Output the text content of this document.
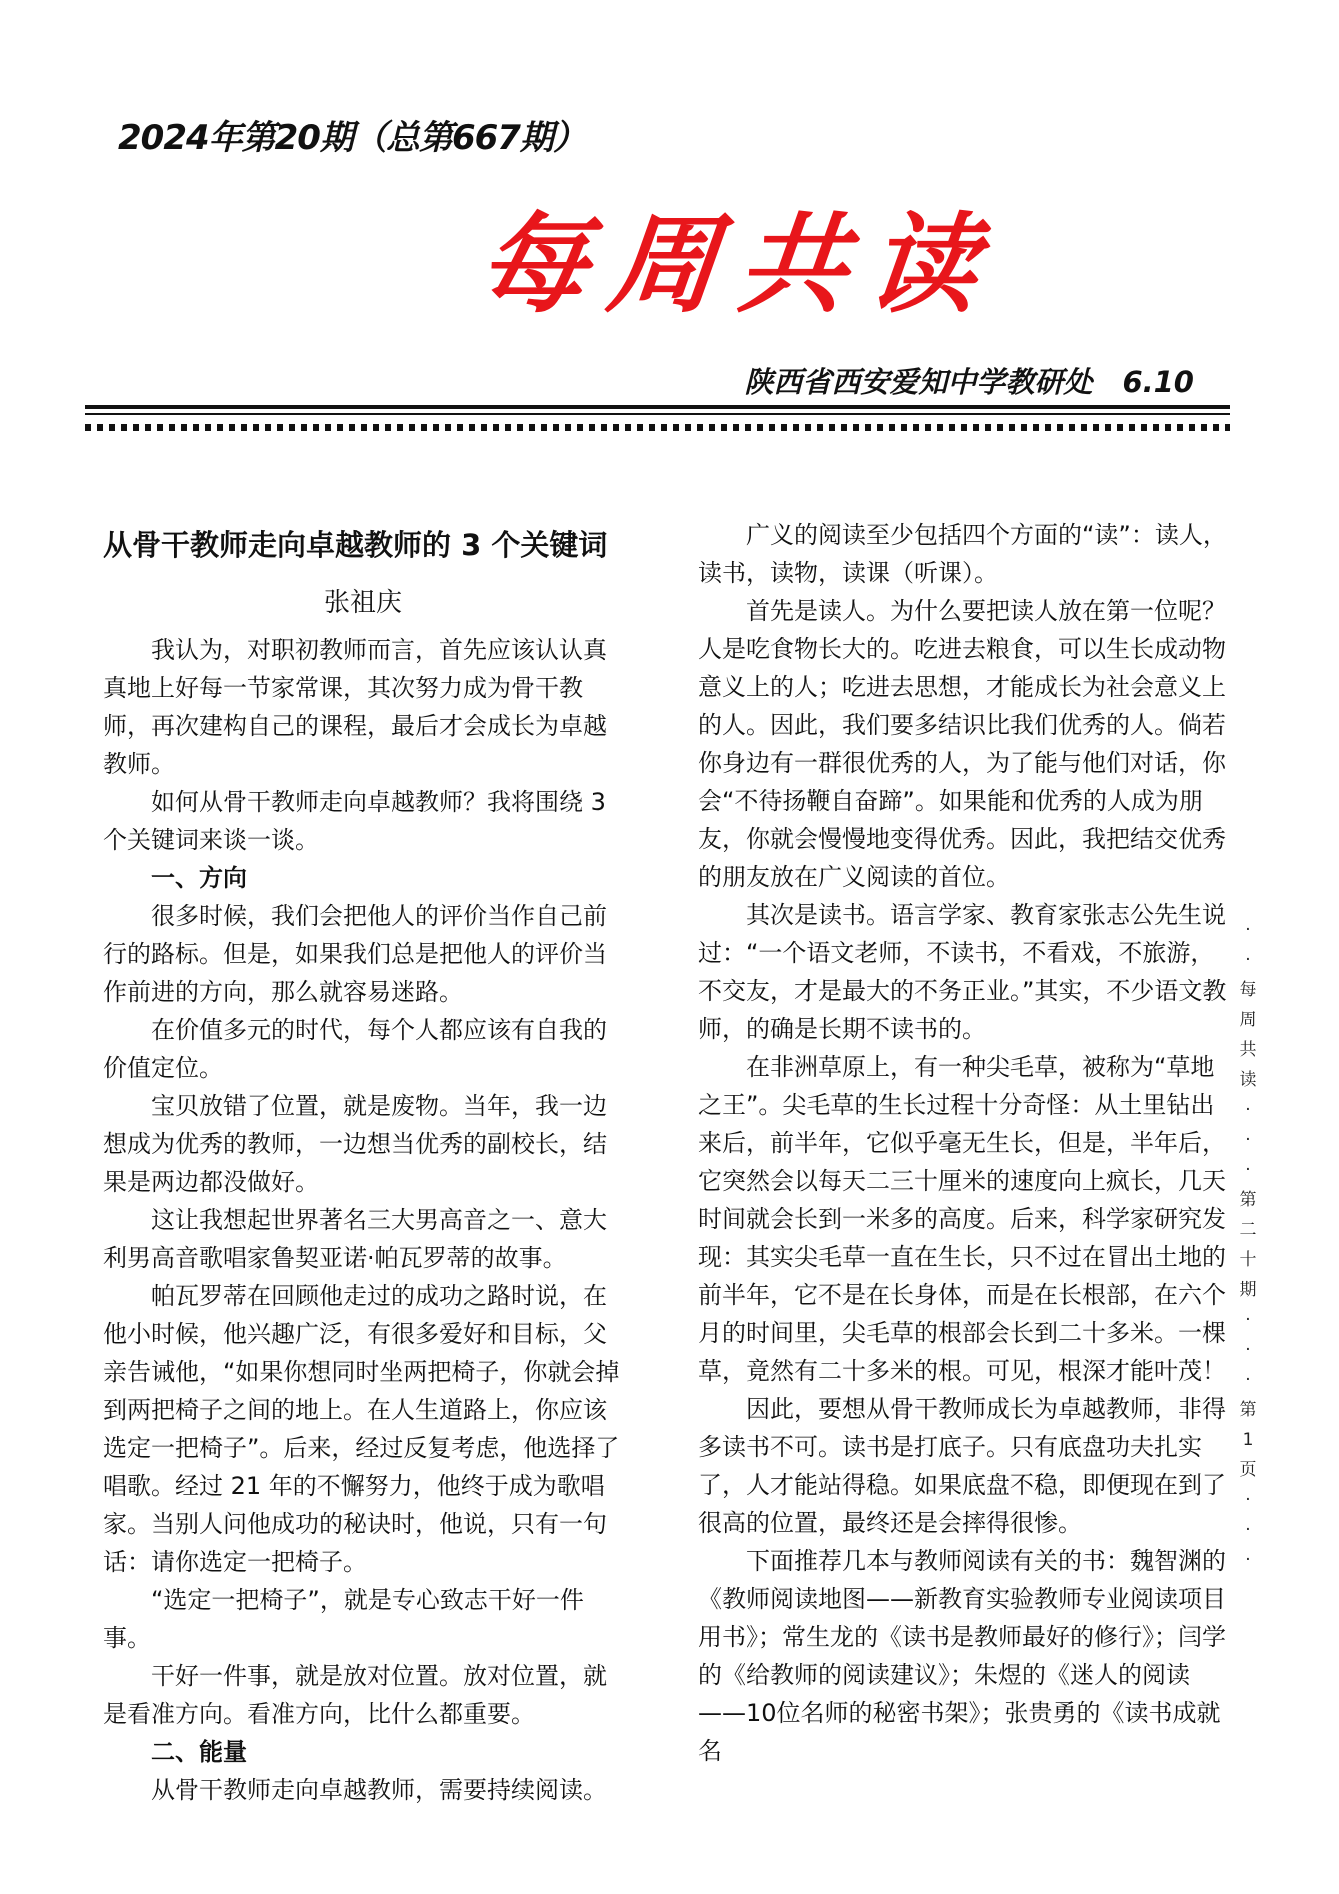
2024年第20期（总第667期）
每周共读
陕西省西安爱知中学教研处 6.10

从骨干教师走向卓越教师的 3 个关键词

张祖庆

我认为，对职初教师而言，首先应该认认真真地上好每一节家常课，其次努力成为骨干教师，再次建构自己的课程，最后才会成长为卓越教师。

如何从骨干教师走向卓越教师？我将围绕 3 个关键词来谈一谈。

一、方向

很多时候，我们会把他人的评价当作自己前行的路标。但是，如果我们总是把他人的评价当作前进的方向，那么就容易迷路。

在价值多元的时代，每个人都应该有自我的价值定位。

宝贝放错了位置，就是废物。当年，我一边想成为优秀的教师，一边想当优秀的副校长，结果是两边都没做好。

这让我想起世界著名三大男高音之一、意大利男高音歌唱家鲁契亚诺·帕瓦罗蒂的故事。

帕瓦罗蒂在回顾他走过的成功之路时说，在他小时候，他兴趣广泛，有很多爱好和目标，父亲告诫他，“如果你想同时坐两把椅子，你就会掉到两把椅子之间的地上。在人生道路上，你应该选定一把椅子”。后来，经过反复考虑，他选择了唱歌。经过 21 年的不懈努力，他终于成为歌唱家。当别人问他成功的秘诀时，他说，只有一句话：请你选定一把椅子。

“选定一把椅子”，就是专心致志干好一件事。

干好一件事，就是放对位置。放对位置，就是看准方向。看准方向，比什么都重要。

二、能量

从骨干教师走向卓越教师，需要持续阅读。

广义的阅读至少包括四个方面的“读”：读人，读书，读物，读课（听课）。

首先是读人。为什么要把读人放在第一位呢？人是吃食物长大的。吃进去粮食，可以生长成动物意义上的人；吃进去思想，才能成长为社会意义上的人。因此，我们要多结识比我们优秀的人。倘若你身边有一群很优秀的人，为了能与他们对话，你会“不待扬鞭自奋蹄”。如果能和优秀的人成为朋友，你就会慢慢地变得优秀。因此，我把结交优秀的朋友放在广义阅读的首位。

其次是读书。语言学家、教育家张志公先生说过：“一个语文老师，不读书，不看戏，不旅游，不交友，才是最大的不务正业。”其实，不少语文教师，的确是长期不读书的。

在非洲草原上，有一种尖毛草，被称为“草地之王”。尖毛草的生长过程十分奇怪：从土里钻出来后，前半年，它似乎毫无生长，但是，半年后，它突然会以每天二三十厘米的速度向上疯长，几天时间就会长到一米多的高度。后来，科学家研究发现：其实尖毛草一直在生长，只不过在冒出土地的前半年，它不是在长身体，而是在长根部，在六个月的时间里，尖毛草的根部会长到二十多米。一棵草，竟然有二十多米的根。可见，根深才能叶茂！

因此，要想从骨干教师成长为卓越教师，非得多读书不可。读书是打底子。只有底盘功夫扎实了，人才能站得稳。如果底盘不稳，即便现在到了很高的位置，最终还是会摔得很惨。

下面推荐几本与教师阅读有关的书：魏智渊的《教师阅读地图——新教育实验教师专业阅读项目用书》；常生龙的《读书是教师最好的修行》；闫学的《给教师的阅读建议》；朱煜的《迷人的阅读——10位名师的秘密书架》；张贵勇的《读书成就名

·
·
每
周
共
读
·
·
·
第
二
十
期
·
·
·
第
1
页
·
·
·
